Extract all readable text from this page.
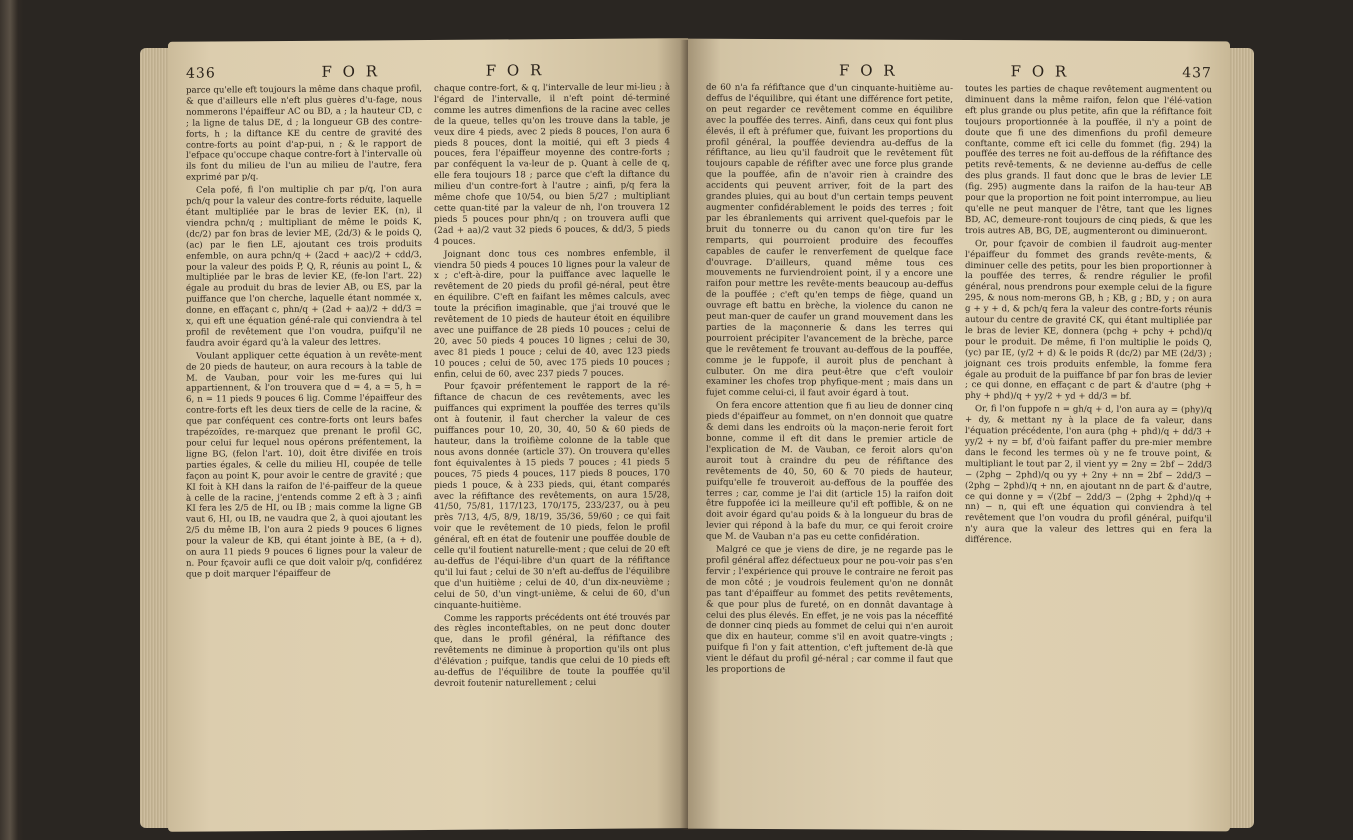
436	F O R	F O R

parce qu'elle eft toujours la même dans chaque profil, & que d'ailleurs elle n'eft plus guères d'u-fage, nous nommerons l'épaiffeur AC ou BD, a ; la hauteur CD, c ; la ligne de talus DE, d ; la longueur GB des contre-forts, h ; la diftance KE du centre de gravité des contre-forts au point d'ap-pui, n ; & le rapport de l'efpace qu'occupe chaque contre-fort à l'intervalle où ils font du milieu de l'un au milieu de l'autre, fera exprimé par p/q.

Cela pofé, fi l'on multiplie ch par p/q, l'on aura pch/q pour la valeur des contre-forts réduite, laquelle étant multipliée par le bras de levier EK, (n), il viendra pchn/q ; multipliant de même le poids K, (dc/2) par fon bras de levier ME, (2d/3) & le poids Q, (ac) par le fien LE, ajoutant ces trois produits enfemble, on aura pchn/q + (2acd + aac)/2 + cdd/3, pour la valeur des poids P, Q, R, réunis au point L, & multipliée par le bras de levier KE, (fe-lon l'art. 22) égale au produit du bras de levier AB, ou ES, par la puiffance que l'on cherche, laquelle étant nommée x, donne, en effaçant c, phn/q + (2ad + aa)/2 + dd/3 = x, qui eft une équation géné-rale qui conviendra à tel profil de revêtement que l'on voudra, puifqu'il ne faudra avoir égard qu'à la valeur des lettres.

Voulant appliquer cette équation à un revête-ment de 20 pieds de hauteur, on aura recours à la table de M. de Vauban, pour voir les me-fures qui lui appartiennent, & l'on trouvera que d = 4, a = 5, h = 6, n = 11 pieds 9 pouces 6 lig. Comme l'épaiffeur des contre-forts eft les deux tiers de celle de la racine, & que par conféquent ces contre-forts ont leurs bafes trapézoïdes, re-marquez que prenant le profil GC, pour celui fur lequel nous opérons préfentement, la ligne BG, (felon l'art. 10), doit être divifée en trois parties égales, & celle du milieu HI, coupée de telle façon au point K, pour avoir le centre de gravité ; que KI foit à KH dans la raifon de l'é-paiffeur de la queue à celle de la racine, j'entends comme 2 eft à 3 ; ainfi KI fera les 2/5 de HI, ou IB ; mais comme la ligne GB vaut 6, HI, ou IB, ne vaudra que 2, à quoi ajoutant les 2/5 du même IB, l'on aura 2 pieds 9 pouces 6 lignes pour la valeur de KB, qui étant jointe à BE, (a + d), on aura 11 pieds 9 pouces 6 lignes pour la valeur de n. Pour fçavoir aufli ce que doit valoir p/q, confidérez que p doit marquer l'épaiffeur de

chaque contre-fort, & q, l'intervalle de leur mi-lieu ; à l'égard de l'intervalle, il n'eft point dé-terminé comme les autres dimenfions de la racine avec celles de la queue, telles qu'on les trouve dans la table, je veux dire 4 pieds, avec 2 pieds 8 pouces, l'on aura 6 pieds 8 pouces, dont la moitié, qui eft 3 pieds 4 pouces, fera l'épaiffeur moyenne des contre-forts ; par conféquent la va-leur de p. Quant à celle de q, elle fera toujours 18 ; parce que c'eft la diftance du milieu d'un contre-fort à l'autre ; ainfi, p/q fera la même chofe que 10/54, ou bien 5/27 ; multipliant cette quan-tité par la valeur de nh, l'on trouvera 12 pieds 5 pouces pour phn/q ; on trouvera aufli que (2ad + aa)/2 vaut 32 pieds 6 pouces, & dd/3, 5 pieds 4 pouces.

Joignant donc tous ces nombres enfemble, il viendra 50 pieds 4 pouces 10 lignes pour la valeur de x ; c'eft-à-dire, pour la puiffance avec laquelle le revêtement de 20 pieds du profil gé-néral, peut être en équilibre. C'eft en faifant les mêmes calculs, avec toute la précifion imaginable, que j'ai trouvé que le revêtement de 10 pieds de hauteur étoit en équilibre avec une puiffance de 28 pieds 10 pouces ; celui de 20, avec 50 pieds 4 pouces 10 lignes ; celui de 30, avec 81 pieds 1 pouce ; celui de 40, avec 123 pieds 10 pouces ; celui de 50, avec 175 pieds 10 pouces ; enfin, celui de 60, avec 237 pieds 7 pouces.

Pour fçavoir préfentement le rapport de la ré-fiftance de chacun de ces revêtements, avec les puiffances qui expriment la pouffée des terres qu'ils ont à foutenir, il faut chercher la valeur de ces puiffances pour 10, 20, 30, 40, 50 & 60 pieds de hauteur, dans la troifième colonne de la table que nous avons donnée (article 37). On trouvera qu'elles font équivalentes à 15 pieds 7 pouces ; 41 pieds 5 pouces, 75 pieds 4 pouces, 117 pieds 8 pouces, 170 pieds 1 pouce, & à 233 pieds, qui, étant comparés avec la réfiftance des revêtements, on aura 15/28, 41/50, 75/81, 117/123, 170/175, 233/237, ou à peu près 7/13, 4/5, 8/9, 18/19, 35/36, 59/60 ; ce qui fait voir que le revêtement de 10 pieds, felon le profil général, eft en état de foutenir une pouffée double de celle qu'il foutient naturelle-ment ; que celui de 20 eft au-deffus de l'équi-libre d'un quart de la réfiftance qu'il lui faut ; celui de 30 n'eft au-deffus de l'équilibre que d'un huitième ; celui de 40, d'un dix-neuvième ; celui de 50, d'un vingt-unième, & celui de 60, d'un cinquante-huitième.

Comme les rapports précédents ont été trouvés par des règles inconteftables, on ne peut donc douter que, dans le profil général, la réfiftance des revêtements ne diminue à proportion qu'ils ont plus d'élévation ; puifque, tandis que celui de 10 pieds eft au-deffus de l'équilibre de toute la pouffée qu'il devroit foutenir naturellement ; celui

F O R	F O R	437

de 60 n'a fa réfiftance que d'un cinquante-huitième au-deffus de l'équilibre, qui étant une différence fort petite, on peut regarder ce revêtement comme en équilibre avec la pouffée des terres. Ainfi, dans ceux qui font plus élevés, il eft à préfumer que, fuivant les proportions du profil général, la pouffée deviendra au-deffus de la réfiftance, au lieu qu'il faudroit que le revêtement fût toujours capable de réfifter avec une force plus grande que la pouffée, afin de n'avoir rien à craindre des accidents qui peuvent arriver, foit de la part des grandes pluies, qui au bout d'un certain temps peuvent augmenter confidérablement le poids des terres ; foit par les ébranlements qui arrivent quel-quefois par le bruit du tonnerre ou du canon qu'on tire fur les remparts, qui pourroient produire des fecouffes capables de caufer le renverfement de quelque face d'ouvrage. D'ailleurs, quand même tous ces mouvements ne furviendroient point, il y a encore une raifon pour mettre les revête-ments beaucoup au-deffus de la pouffée ; c'eft qu'en temps de fiège, quand un ouvrage eft battu en brèche, la violence du canon ne peut man-quer de caufer un grand mouvement dans les parties de la maçonnerie & dans les terres qui pourroient précipiter l'avancement de la brèche, parce que le revêtement fe trouvant au-deffous de la pouffée, comme je le fuppofe, il auroit plus de penchant à culbuter. On me dira peut-être que c'eft vouloir examiner les chofes trop phyfique-ment ; mais dans un fujet comme celui-ci, il faut avoir égard à tout.

On fera encore attention que fi au lieu de donner cinq pieds d'épaiffeur au fommet, on n'en donnoit que quatre & demi dans les endroits où la maçon-nerie feroit fort bonne, comme il eft dit dans le premier article de l'explication de M. de Vauban, ce feroit alors qu'on auroit tout à craindre du peu de réfiftance des revêtements de 40, 50, 60 & 70 pieds de hauteur, puifqu'elle fe trouveroit au-deffous de la pouffée des terres ; car, comme je l'ai dit (article 15) la raifon doit être fuppofée ici la meilleure qu'il eft poffible, & on ne doit avoir égard qu'au poids & à la longueur du bras de levier qui répond à la bafe du mur, ce qui feroit croire que M. de Vauban n'a pas eu cette confidération.

Malgré ce que je viens de dire, je ne regarde pas le profil général affez défectueux pour ne pou-voir pas s'en fervir ; l'expérience qui prouve le contraire ne feroit pas de mon côté ; je voudrois feulement qu'on ne donnât pas tant d'épaiffeur au fommet des petits revêtements, & que pour plus de fureté, on en donnât davantage à celui des plus élevés. En effet, je ne vois pas la néceffité de donner cinq pieds au fommet de celui qui n'en auroit que dix en hauteur, comme s'il en avoit quatre-vingts ; puifque fi l'on y fait attention, c'eft juftement de-là que vient le défaut du profil gé-néral ; car comme il faut que les proportions de

toutes les parties de chaque revêtement augmentent ou diminuent dans la même raifon, felon que l'élé-vation eft plus grande ou plus petite, afin que la réfiftance foit toujours proportionnée à la pouffée, il n'y a point de doute que fi une des dimenfions du profil demeure conftante, comme eft ici celle du fommet (fig. 294) la pouffée des terres ne foit au-deffous de la réfiftance des petits revê-tements, & ne devienne au-deffus de celle des plus grands. Il faut donc que le bras de levier LE (fig. 295) augmente dans la raifon de la hau-teur AB pour que la proportion ne foit point interrompue, au lieu qu'elle ne peut manquer de l'être, tant que les lignes BD, AC, demeure-ront toujours de cinq pieds, & que les trois autres AB, BG, DE, augmenteront ou diminueront.

Or, pour fçavoir de combien il faudroit aug-menter l'épaiffeur du fommet des grands revête-ments, & diminuer celle des petits, pour les bien proportionner à la pouffée des terres, & rendre régulier le profil général, nous prendrons pour exemple celui de la figure 295, & nous nom-merons GB, h ; KB, g ; BD, y ; on aura g + y + d, & pch/q fera la valeur des contre-forts réunis autour du centre de gravité CK, qui étant multipliée par le bras de levier KE, donnera (pchg + pchy + pchd)/q pour le produit. De même, fi l'on multiplie le poids Q, (yc) par IE, (y/2 + d) & le poids R (dc/2) par ME (2d/3) ; joignant ces trois produits enfemble, la fomme fera égale au produit de la puiffance bf par fon bras de levier ; ce qui donne, en effaçant c de part & d'autre (phg + phy + phd)/q + yy/2 + yd + dd/3 = bf.

Or, fi l'on fuppofe n = gh/q + d, l'on aura ay = (phy)/q + dy, & mettant ny à la place de fa valeur, dans l'équation précédente, l'on aura (phg + phd)/q + dd/3 + yy/2 + ny = bf, d'où faifant paffer du pre-mier membre dans le fecond les termes où y ne fe trouve point, & multipliant le tout par 2, il vient yy = 2ny = 2bf − 2dd/3 − (2phg − 2phd)/q ou yy + 2ny + nn = 2bf − 2dd/3 − (2phg − 2phd)/q + nn, en ajoutant nn de part & d'autre, ce qui donne y = √(2bf − 2dd/3 − (2phg + 2phd)/q + nn) − n, qui eft une équation qui conviendra à tel revêtement que l'on voudra du profil général, puifqu'il n'y aura que la valeur des lettres qui en fera la différence.
